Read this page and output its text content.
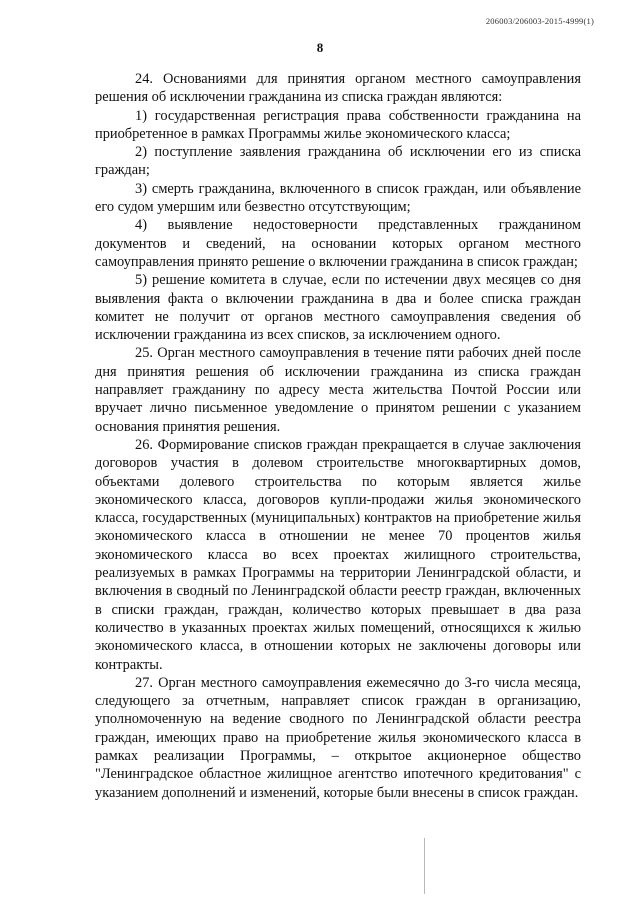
206003/206003-2015-4999(1)
8

24. Основаниями для принятия органом местного самоуправления решения об исключении гражданина из списка граждан являются:

1) государственная регистрация права собственности гражданина на приобретенное в рамках Программы жилье экономического класса;

2) поступление заявления гражданина об исключении его из списка граждан;

3) смерть гражданина, включенного в список граждан, или объявление его судом умершим или безвестно отсутствующим;

4) выявление недостоверности представленных гражданином документов и сведений, на основании которых органом местного самоуправления принято решение о включении гражданина в список граждан;

5) решение комитета в случае, если по истечении двух месяцев со дня выявления факта о включении гражданина в два и более списка граждан комитет не получит от органов местного самоуправления сведения об исключении гражданина из всех списков, за исключением одного.

25. Орган местного самоуправления в течение пяти рабочих дней после дня принятия решения об исключении гражданина из списка граждан направляет гражданину по адресу места жительства Почтой России или вручает лично письменное уведомление о принятом решении с указанием основания принятия решения.

26. Формирование списков граждан прекращается в случае заключения договоров участия в долевом строительстве многоквартирных домов, объектами долевого строительства по которым является жилье экономического класса, договоров купли-продажи жилья экономического класса, государственных (муниципальных) контрактов на приобретение жилья экономического класса в отношении не менее 70 процентов жилья экономического класса во всех проектах жилищного строительства, реализуемых в рамках Программы на территории Ленинградской области, и включения в сводный по Ленинградской области реестр граждан, включенных в списки граждан, граждан, количество которых превышает в два раза количество в указанных проектах жилых помещений, относящихся к жилью экономического класса, в отношении которых не заключены договоры или контракты.

27. Орган местного самоуправления ежемесячно до 3-го числа месяца, следующего за отчетным, направляет список граждан в организацию, уполномоченную на ведение сводного по Ленинградской области реестра граждан, имеющих право на приобретение жилья экономического класса в рамках реализации Программы, – открытое акционерное общество "Ленинградское областное жилищное агентство ипотечного кредитования" с указанием дополнений и изменений, которые были внесены в список граждан.
